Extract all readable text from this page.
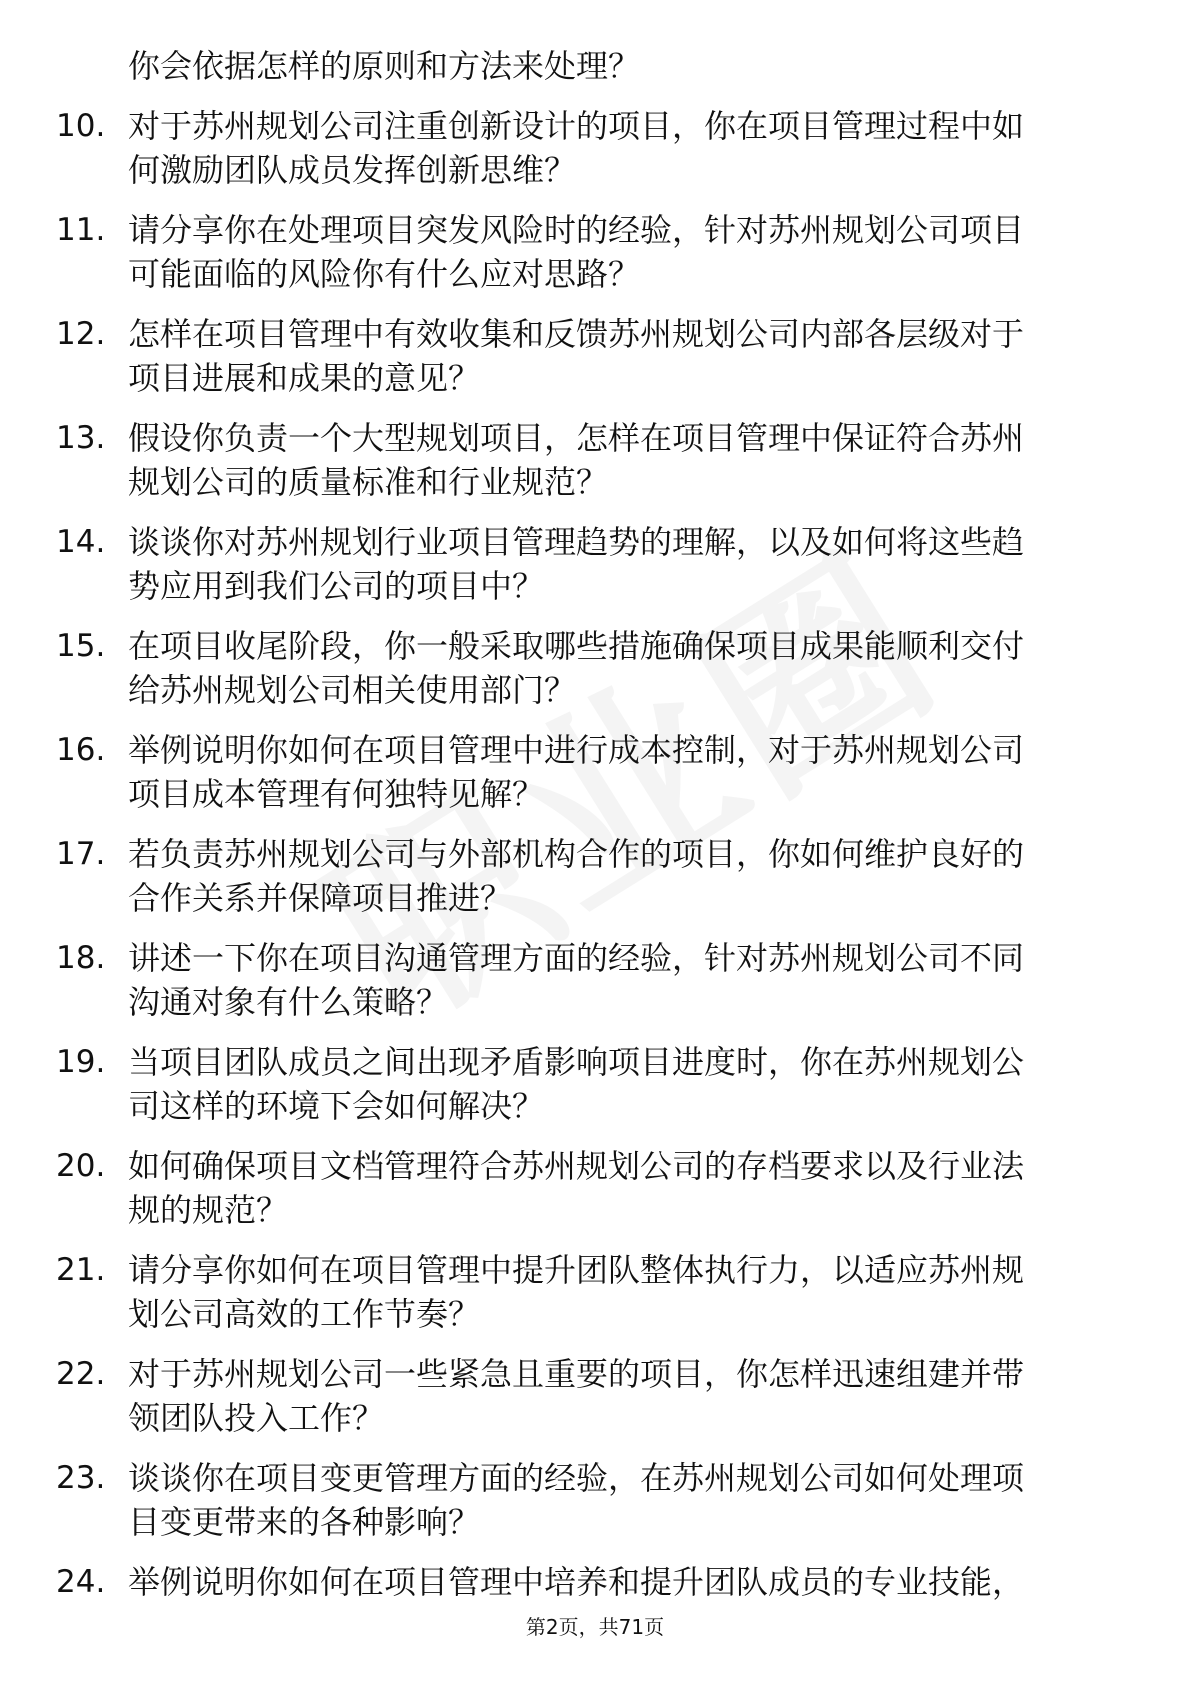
你会依据怎样的原则和方法来处理？
10. 对于苏州规划公司注重创新设计的项目，你在项目管理过程中如
何激励团队成员发挥创新思维？
11. 请分享你在处理项目突发风险时的经验，针对苏州规划公司项目
可能面临的风险你有什么应对思路？
12. 怎样在项目管理中有效收集和反馈苏州规划公司内部各层级对于
项目进展和成果的意见？
13. 假设你负责一个大型规划项目，怎样在项目管理中保证符合苏州
规划公司的质量标准和行业规范？
14. 谈谈你对苏州规划行业项目管理趋势的理解，以及如何将这些趋
势应用到我们公司的项目中？
15. 在项目收尾阶段，你一般采取哪些措施确保项目成果能顺利交付
给苏州规划公司相关使用部门？
16. 举例说明你如何在项目管理中进行成本控制，对于苏州规划公司
项目成本管理有何独特见解？
17. 若负责苏州规划公司与外部机构合作的项目，你如何维护良好的
合作关系并保障项目推进？
18. 讲述一下你在项目沟通管理方面的经验，针对苏州规划公司不同
沟通对象有什么策略？
19. 当项目团队成员之间出现矛盾影响项目进度时，你在苏州规划公
司这样的环境下会如何解决？
20. 如何确保项目文档管理符合苏州规划公司的存档要求以及行业法
规的规范？
21. 请分享你如何在项目管理中提升团队整体执行力，以适应苏州规
划公司高效的工作节奏？
22. 对于苏州规划公司一些紧急且重要的项目，你怎样迅速组建并带
领团队投入工作？
23. 谈谈你在项目变更管理方面的经验，在苏州规划公司如何处理项
目变更带来的各种影响？
24. 举例说明你如何在项目管理中培养和提升团队成员的专业技能，
第2页，共71页
